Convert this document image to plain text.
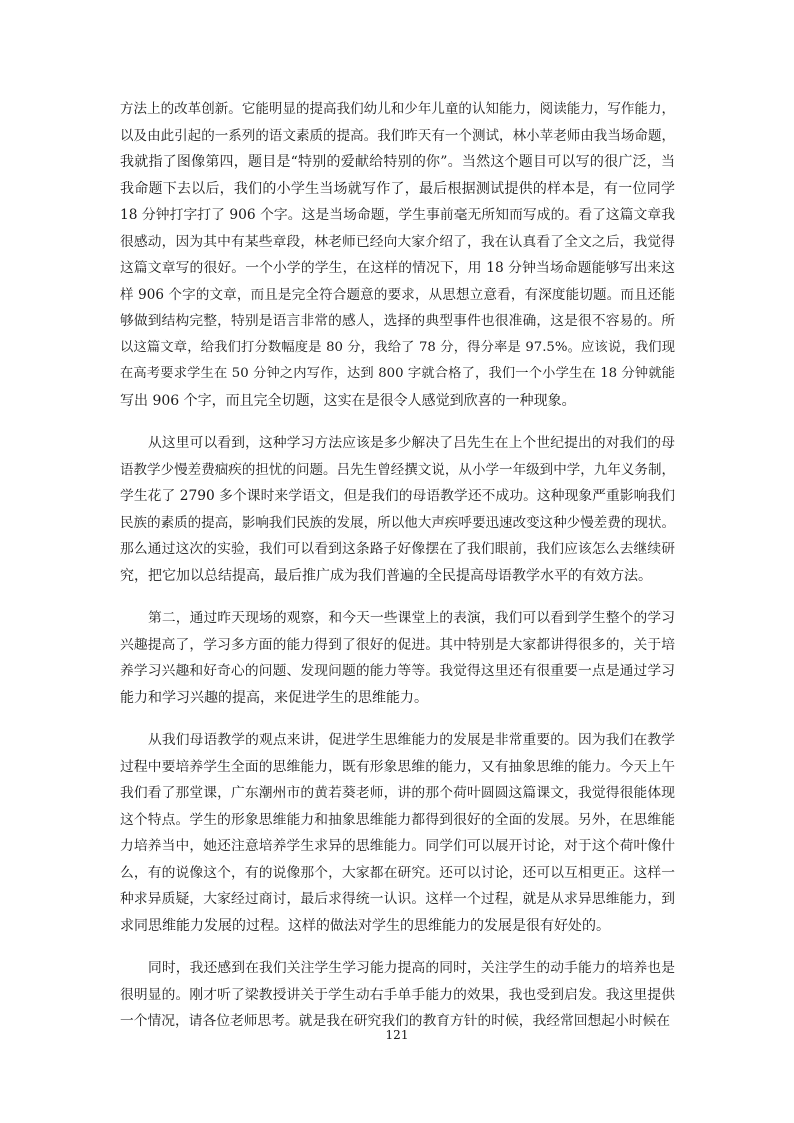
方法上的改革创新。它能明显的提高我们幼儿和少年儿童的认知能力，阅读能力，写作能力，
以及由此引起的一系列的语文素质的提高。我们昨天有一个测试，林小苹老师由我当场命题，
我就指了图像第四，题目是“特别的爱献给特别的你”。当然这个题目可以写的很广泛，当
我命题下去以后，我们的小学生当场就写作了，最后根据测试提供的样本是，有一位同学
18 分钟打字打了 906 个字。这是当场命题，学生事前毫无所知而写成的。看了这篇文章我
很感动，因为其中有某些章段，林老师已经向大家介绍了，我在认真看了全文之后，我觉得
这篇文章写的很好。一个小学的学生，在这样的情况下，用 18 分钟当场命题能够写出来这
样 906 个字的文章，而且是完全符合题意的要求，从思想立意看，有深度能切题。而且还能
够做到结构完整，特别是语言非常的感人，选择的典型事件也很准确，这是很不容易的。所
以这篇文章，给我们打分数幅度是 80 分，我给了 78 分，得分率是 97.5%。应该说，我们现
在高考要求学生在 50 分钟之内写作，达到 800 字就合格了，我们一个小学生在 18 分钟就能
写出 906 个字，而且完全切题，这实在是很令人感觉到欣喜的一种现象。
从这里可以看到，这种学习方法应该是多少解决了吕先生在上个世纪提出的对我们的母
语教学少慢差费痼疾的担忧的问题。吕先生曾经撰文说，从小学一年级到中学，九年义务制，
学生花了 2790 多个课时来学语文，但是我们的母语教学还不成功。这种现象严重影响我们
民族的素质的提高，影响我们民族的发展，所以他大声疾呼要迅速改变这种少慢差费的现状。
那么通过这次的实验，我们可以看到这条路子好像摆在了我们眼前，我们应该怎么去继续研
究，把它加以总结提高，最后推广成为我们普遍的全民提高母语教学水平的有效方法。
第二，通过昨天现场的观察，和今天一些课堂上的表演，我们可以看到学生整个的学习
兴趣提高了，学习多方面的能力得到了很好的促进。其中特别是大家都讲得很多的，关于培
养学习兴趣和好奇心的问题、发现问题的能力等等。我觉得这里还有很重要一点是通过学习
能力和学习兴趣的提高，来促进学生的思维能力。
从我们母语教学的观点来讲，促进学生思维能力的发展是非常重要的。因为我们在教学
过程中要培养学生全面的思维能力，既有形象思维的能力，又有抽象思维的能力。今天上午
我们看了那堂课，广东潮州市的黄若葵老师，讲的那个荷叶圆圆这篇课文，我觉得很能体现
这个特点。学生的形象思维能力和抽象思维能力都得到很好的全面的发展。另外，在思维能
力培养当中，她还注意培养学生求异的思维能力。同学们可以展开讨论，对于这个荷叶像什
么，有的说像这个，有的说像那个，大家都在研究。还可以讨论，还可以互相更正。这样一
种求异质疑，大家经过商讨，最后求得统一认识。这样一个过程，就是从求异思维能力，到
求同思维能力发展的过程。这样的做法对学生的思维能力的发展是很有好处的。
同时，我还感到在我们关注学生学习能力提高的同时，关注学生的动手能力的培养也是
很明显的。刚才听了梁教授讲关于学生动右手单手能力的效果，我也受到启发。我这里提供
一个情况，请各位老师思考。就是我在研究我们的教育方针的时候，我经常回想起小时候在
121
